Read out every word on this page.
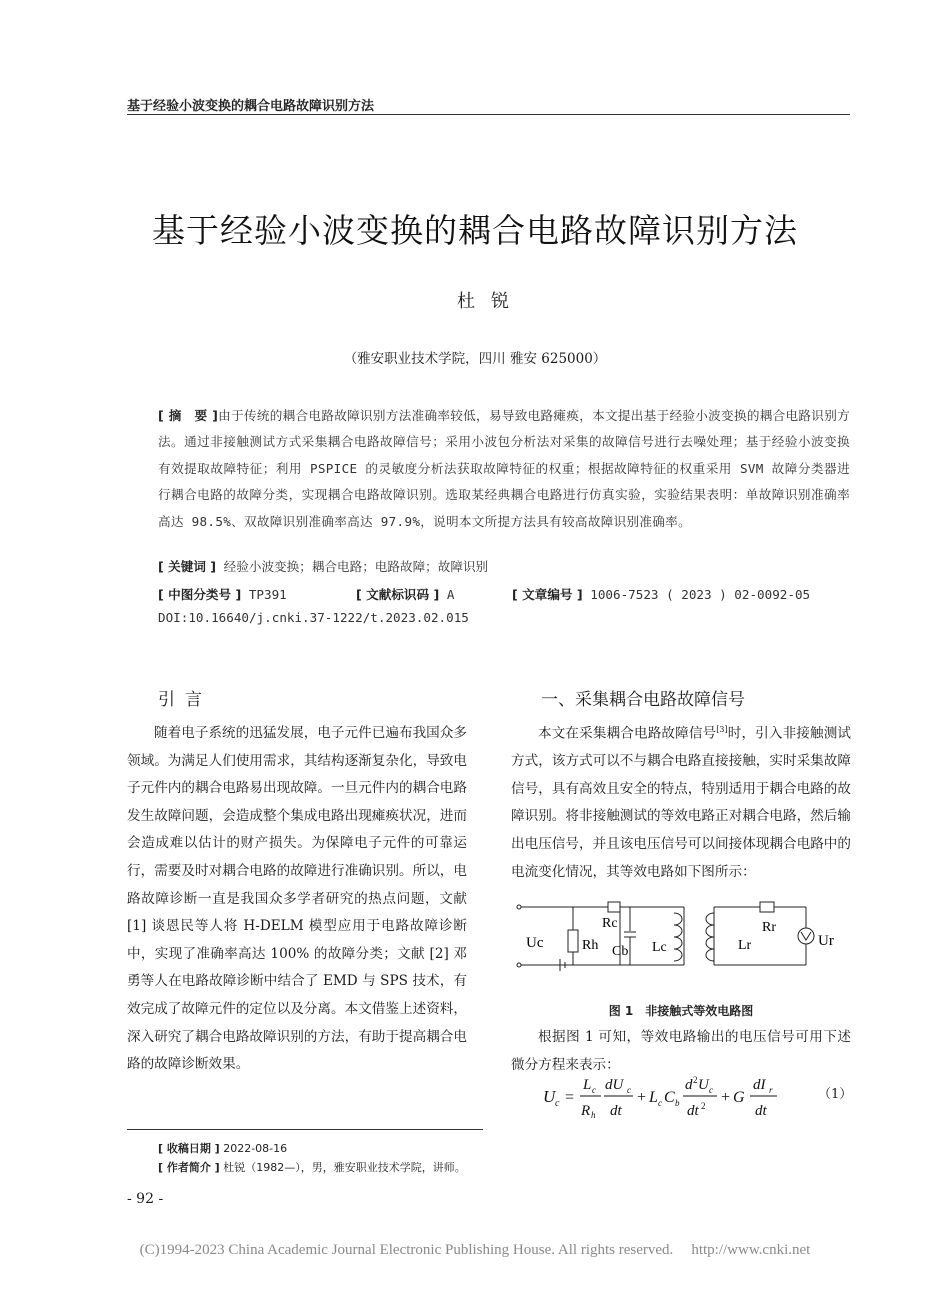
基于经验小波变换的耦合电路故障识别方法
基于经验小波变换的耦合电路故障识别方法
杜锐
（雅安职业技术学院，四川 雅安 625000）
[ 摘　要 ]由于传统的耦合电路故障识别方法准确率较低，易导致电路瘫痪，本文提出基于经验小波变换的耦合电路识别方法。通过非接触测试方式采集耦合电路故障信号；采用小波包分析法对采集的故障信号进行去噪处理；基于经验小波变换有效提取故障特征；利用 PSPICE 的灵敏度分析法获取故障特征的权重；根据故障特征的权重采用 SVM 故障分类器进行耦合电路的故障分类，实现耦合电路故障识别。选取某经典耦合电路进行仿真实验，实验结果表明：单故障识别准确率高达 98.5%、双故障识别准确率高达 97.9%，说明本文所提方法具有较高故障识别准确率。
[ 关键词 ] 经验小波变换；耦合电路；电路故障；故障识别
[ 中图分类号 ] TP391	[ 文献标识码 ] A	[ 文章编号 ] 1006-7523 ( 2023 ) 02-0092-05
DOI:10.16640/j.cnki.37-1222/t.2023.02.015
引言	一、采集耦合电路故障信号
随着电子系统的迅猛发展，电子元件已遍布我国众多领域。为满足人们使用需求，其结构逐渐复杂化，导致电子元件内的耦合电路易出现故障。一旦元件内的耦合电路发生故障问题，会造成整个集成电路出现瘫痪状况，进而会造成难以估计的财产损失。为保障电子元件的可靠运行，需要及时对耦合电路的故障进行准确识别。所以，电路故障诊断一直是我国众多学者研究的热点问题，文献 [1] 谈恩民等人将 H-DELM 模型应用于电路故障诊断中，实现了准确率高达 100% 的故障分类；文献 [2] 邓勇等人在电路故障诊断中结合了 EMD 与 SPS 技术，有效完成了故障元件的定位以及分离。本文借鉴上述资料，深入研究了耦合电路故障识别的方法，有助于提高耦合电路的故障诊断效果。
本文在采集耦合电路故障信号[3]时，引入非接触测试方式，该方式可以不与耦合电路直接接触，实时采集故障信号，具有高效且安全的特点，特别适用于耦合电路的故障识别。将非接触测试的等效电路正对耦合电路，然后输出电压信号，并且该电压信号可以间接体现耦合电路中的电流变化情况，其等效电路如下图所示：
Uc	Rh
Rc
Cb Lc	Lr
Rr
Ur
图 1　非接触式等效电路图
根据图 1 可知，等效电路输出的电压信号可用下述微分方程来表示：
U c =
L c
R h
dU c
dt
+ L c C b
d 2 U c
dt 2 + G
dI r
dt
（1）
[ 收稿日期 ] 2022-08-16
[ 作者简介 ] 杜锐（1982—），男，雅安职业技术学院，讲师。
- 92 -
(C)1994-2023 China Academic Journal Electronic Publishing House. All rights reserved. http://www.cnki.net
